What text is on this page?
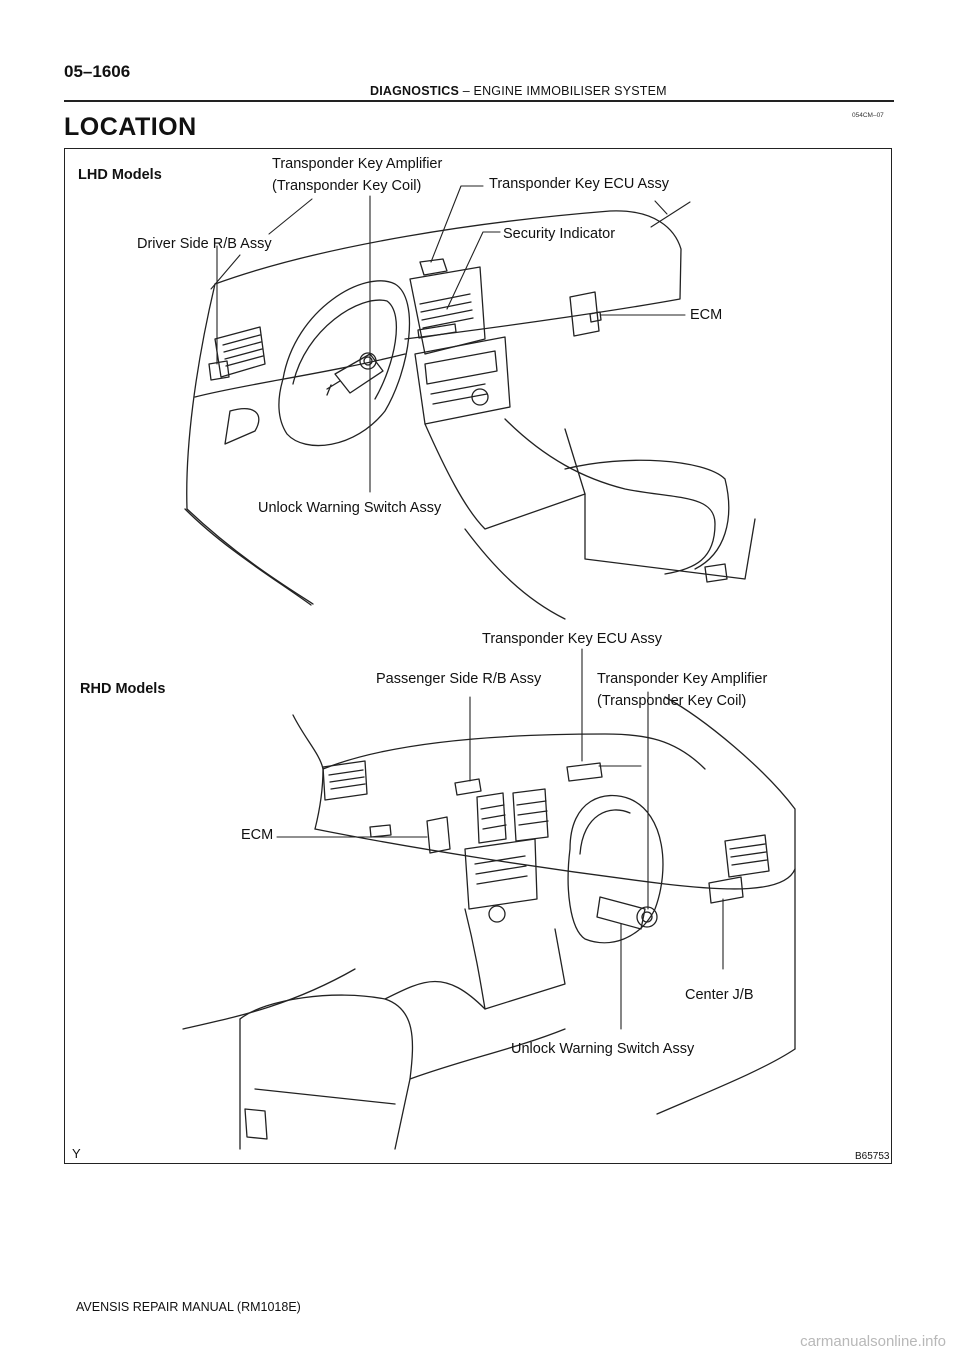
05–1606
DIAGNOSTICS – ENGINE IMMOBILISER SYSTEM
054CM–07
LOCATION
LHD Models
Transponder Key Amplifier
(Transponder Key Coil)	Transponder Key ECU Assy
Security Indicator
Driver Side R/B Assy
ECM
Unlock Warning Switch Assy
Transponder Key ECU Assy
RHD Models
Passenger Side R/B Assy	Transponder Key Amplifier
(Transponder Key Coil)
ECM
Center J/B
Unlock Warning Switch Assy
Y	B65753
AVENSIS REPAIR MANUAL (RM1018E)
carmanualsonline.info
